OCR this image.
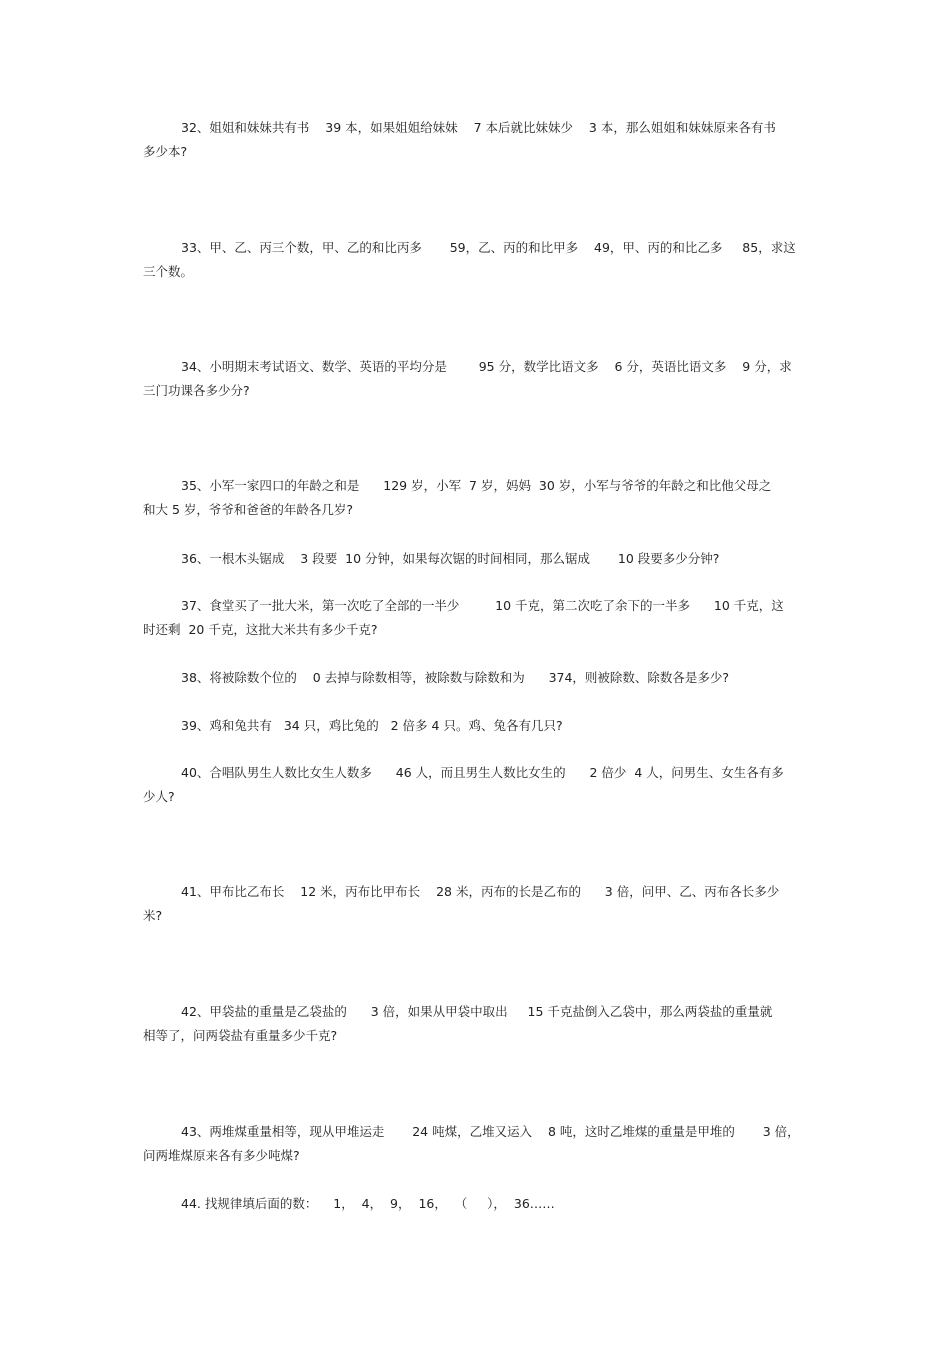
32、姐姐和妹妹共有书    39 本，如果姐姐给妹妹    7 本后就比妹妹少    3 本，那么姐姐和妹妹原来各有书
多少本?
33、甲、乙、丙三个数，甲、乙的和比丙多       59，乙、丙的和比甲多    49，甲、丙的和比乙多     85，求这
三个数。
34、小明期末考试语文、数学、英语的平均分是        95 分，数学比语文多    6 分，英语比语文多    9 分，求
三门功课各多少分?
35、小军一家四口的年龄之和是      129 岁，小军  7 岁，妈妈  30 岁，小军与爷爷的年龄之和比他父母之
和大 5 岁，爷爷和爸爸的年龄各几岁?
36、一根木头锯成    3 段要  10 分钟，如果每次锯的时间相同，那么锯成       10 段要多少分钟?
37、食堂买了一批大米，第一次吃了全部的一半少         10 千克，第二次吃了余下的一半多      10 千克，这
时还剩  20 千克，这批大米共有多少千克?
38、将被除数个位的    0 去掉与除数相等，被除数与除数和为      374，则被除数、除数各是多少?
39、鸡和兔共有   34 只，鸡比兔的   2 倍多 4 只。鸡、兔各有几只?
40、合唱队男生人数比女生人数多      46 人，而且男生人数比女生的      2 倍少  4 人，问男生、女生各有多
少人?
41、甲布比乙布长    12 米，丙布比甲布长    28 米，丙布的长是乙布的      3 倍，问甲、乙、丙布各长多少
米?
42、甲袋盐的重量是乙袋盐的      3 倍，如果从甲袋中取出     15 千克盐倒入乙袋中，那么两袋盐的重量就
相等了，问两袋盐有重量多少千克?
43、两堆煤重量相等，现从甲堆运走       24 吨煤，乙堆又运入    8 吨，这时乙堆煤的重量是甲堆的       3 倍，
问两堆煤原来各有多少吨煤?
44. 找规律填后面的数：    1，  4，  9，  16，  （     ），  36……
